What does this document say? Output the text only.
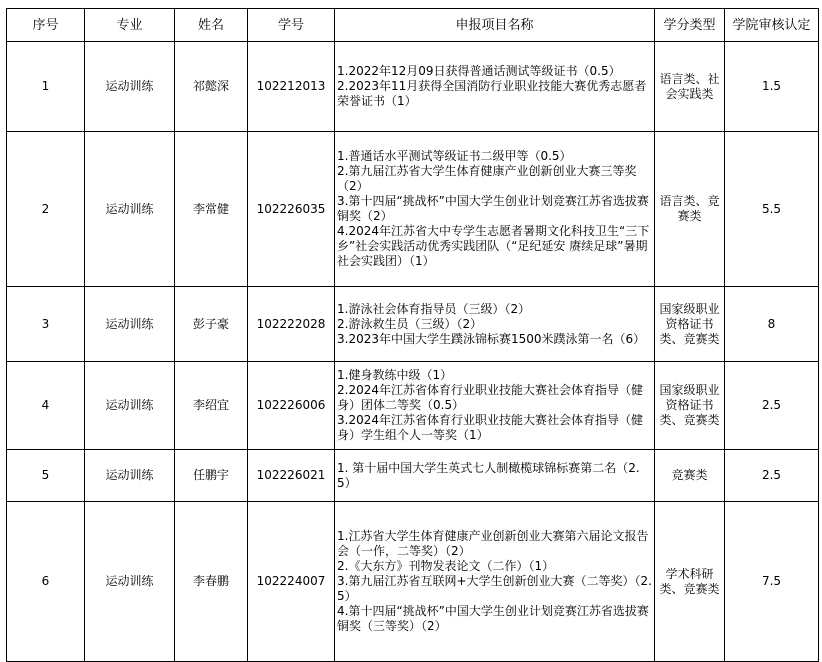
序号	专业	姓名	学号	申报项目名称	学分类型	学院审核认定
1	运动训练	祁懿深	102212013	1.2022年12月09日获得普通话测试等级证书（0.5）
2.2023年11月获得全国消防行业职业技能大赛优秀志愿者荣誉证书（1）	语言类、社会实践类	1.5
2	运动训练	李常健	102226035	1.普通话水平测试等级证书二级甲等（0.5）
2.第九届江苏省大学生体育健康产业创新创业大赛三等奖（2）
3.第十四届“挑战杯”中国大学生创业计划竞赛江苏省选拔赛铜奖（2）
4.2024年江苏省大中专学生志愿者暑期文化科技卫生“三下乡”社会实践活动优秀实践团队（“足纪延安 赓续足球”暑期社会实践团）（1）	语言类、竞赛类	5.5
3	运动训练	彭子豪	102222028	1.游泳社会体育指导员（三级）（2）
2.游泳救生员（三级）（2）
3.2023年中国大学生蹼泳锦标赛1500米蹼泳第一名（6）	国家级职业资格证书类、竞赛类	8
4	运动训练	李绍宜	102226006	1.健身教练中级（1）
2.2024年江苏省体育行业职业技能大赛社会体育指导（健身）团体二等奖（0.5）
3.2024年江苏省体育行业职业技能大赛社会体育指导（健身）学生组个人一等奖（1）	国家级职业资格证书类、竞赛类	2.5
5	运动训练	任鹏宇	102226021	1. 第十届中国大学生英式七人制橄榄球锦标赛第二名（2.5）	竞赛类	2.5
6	运动训练	李春鹏	102224007	1.江苏省大学生体育健康产业创新创业大赛第六届论文报告会（一作，二等奖）（2）
2.《大东方》刊物发表论文（二作）（1）
3.第九届江苏省互联网+大学生创新创业大赛（二等奖）（2.5）
4.第十四届“挑战杯”中国大学生创业计划竞赛江苏省选拔赛铜奖（三等奖）（2）	学术科研类、竞赛类	7.5
